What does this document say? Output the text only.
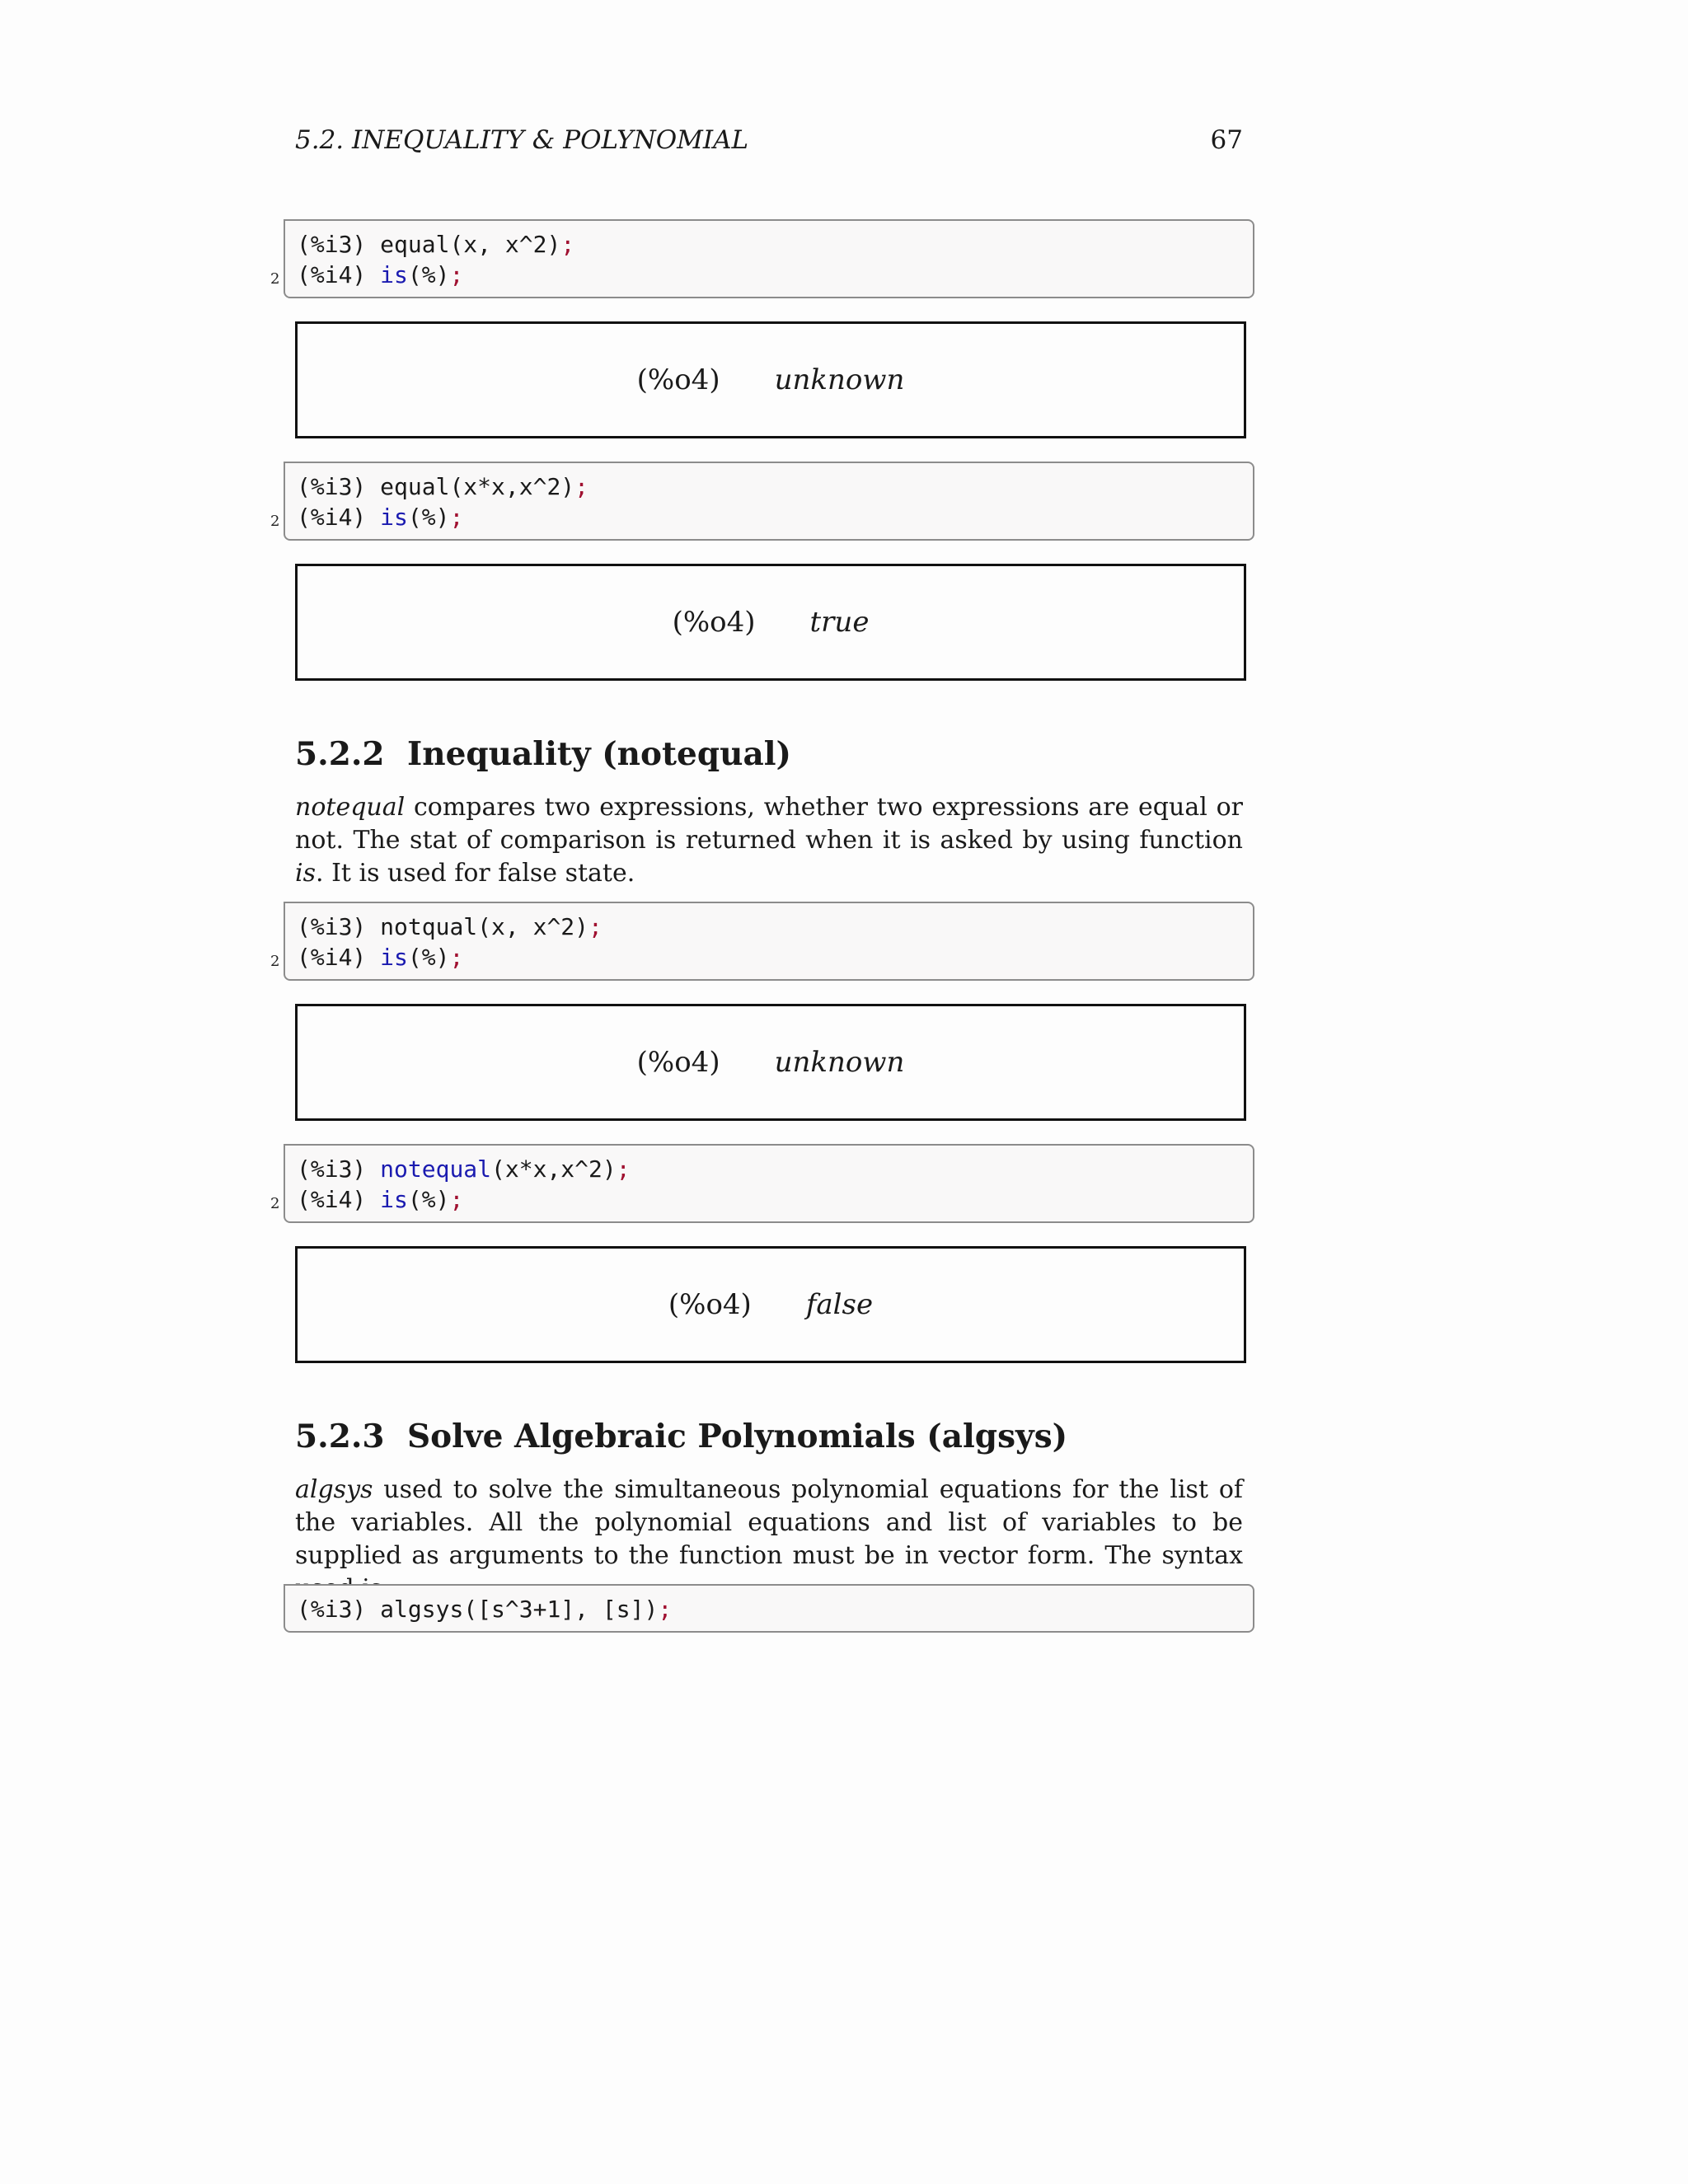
5.2. INEQUALITY & POLYNOMIAL	67
(%i3) equal(x, x^2);
2 (%i4) is(%);
(%o4) unknown
(%i3) equal(x*x,x^2);
2 (%i4) is(%);
(%o4) true
5.2.2 Inequality (notequal)
notequal compares two expressions, whether two expressions are equal or not. The stat of comparison is returned when it is asked by using function is. It is used for false state.
(%i3) notqual(x, x^2);
2 (%i4) is(%);
(%o4) unknown
(%i3) notequal(x*x,x^2);
2 (%i4) is(%);
(%o4) false
5.2.3 Solve Algebraic Polynomials (algsys)
algsys used to solve the simultaneous polynomial equations for the list of the variables. All the polynomial equations and list of variables to be supplied as arguments to the function must be in vector form. The syntax
(%i3) algsys([s^3+1], [s]);
